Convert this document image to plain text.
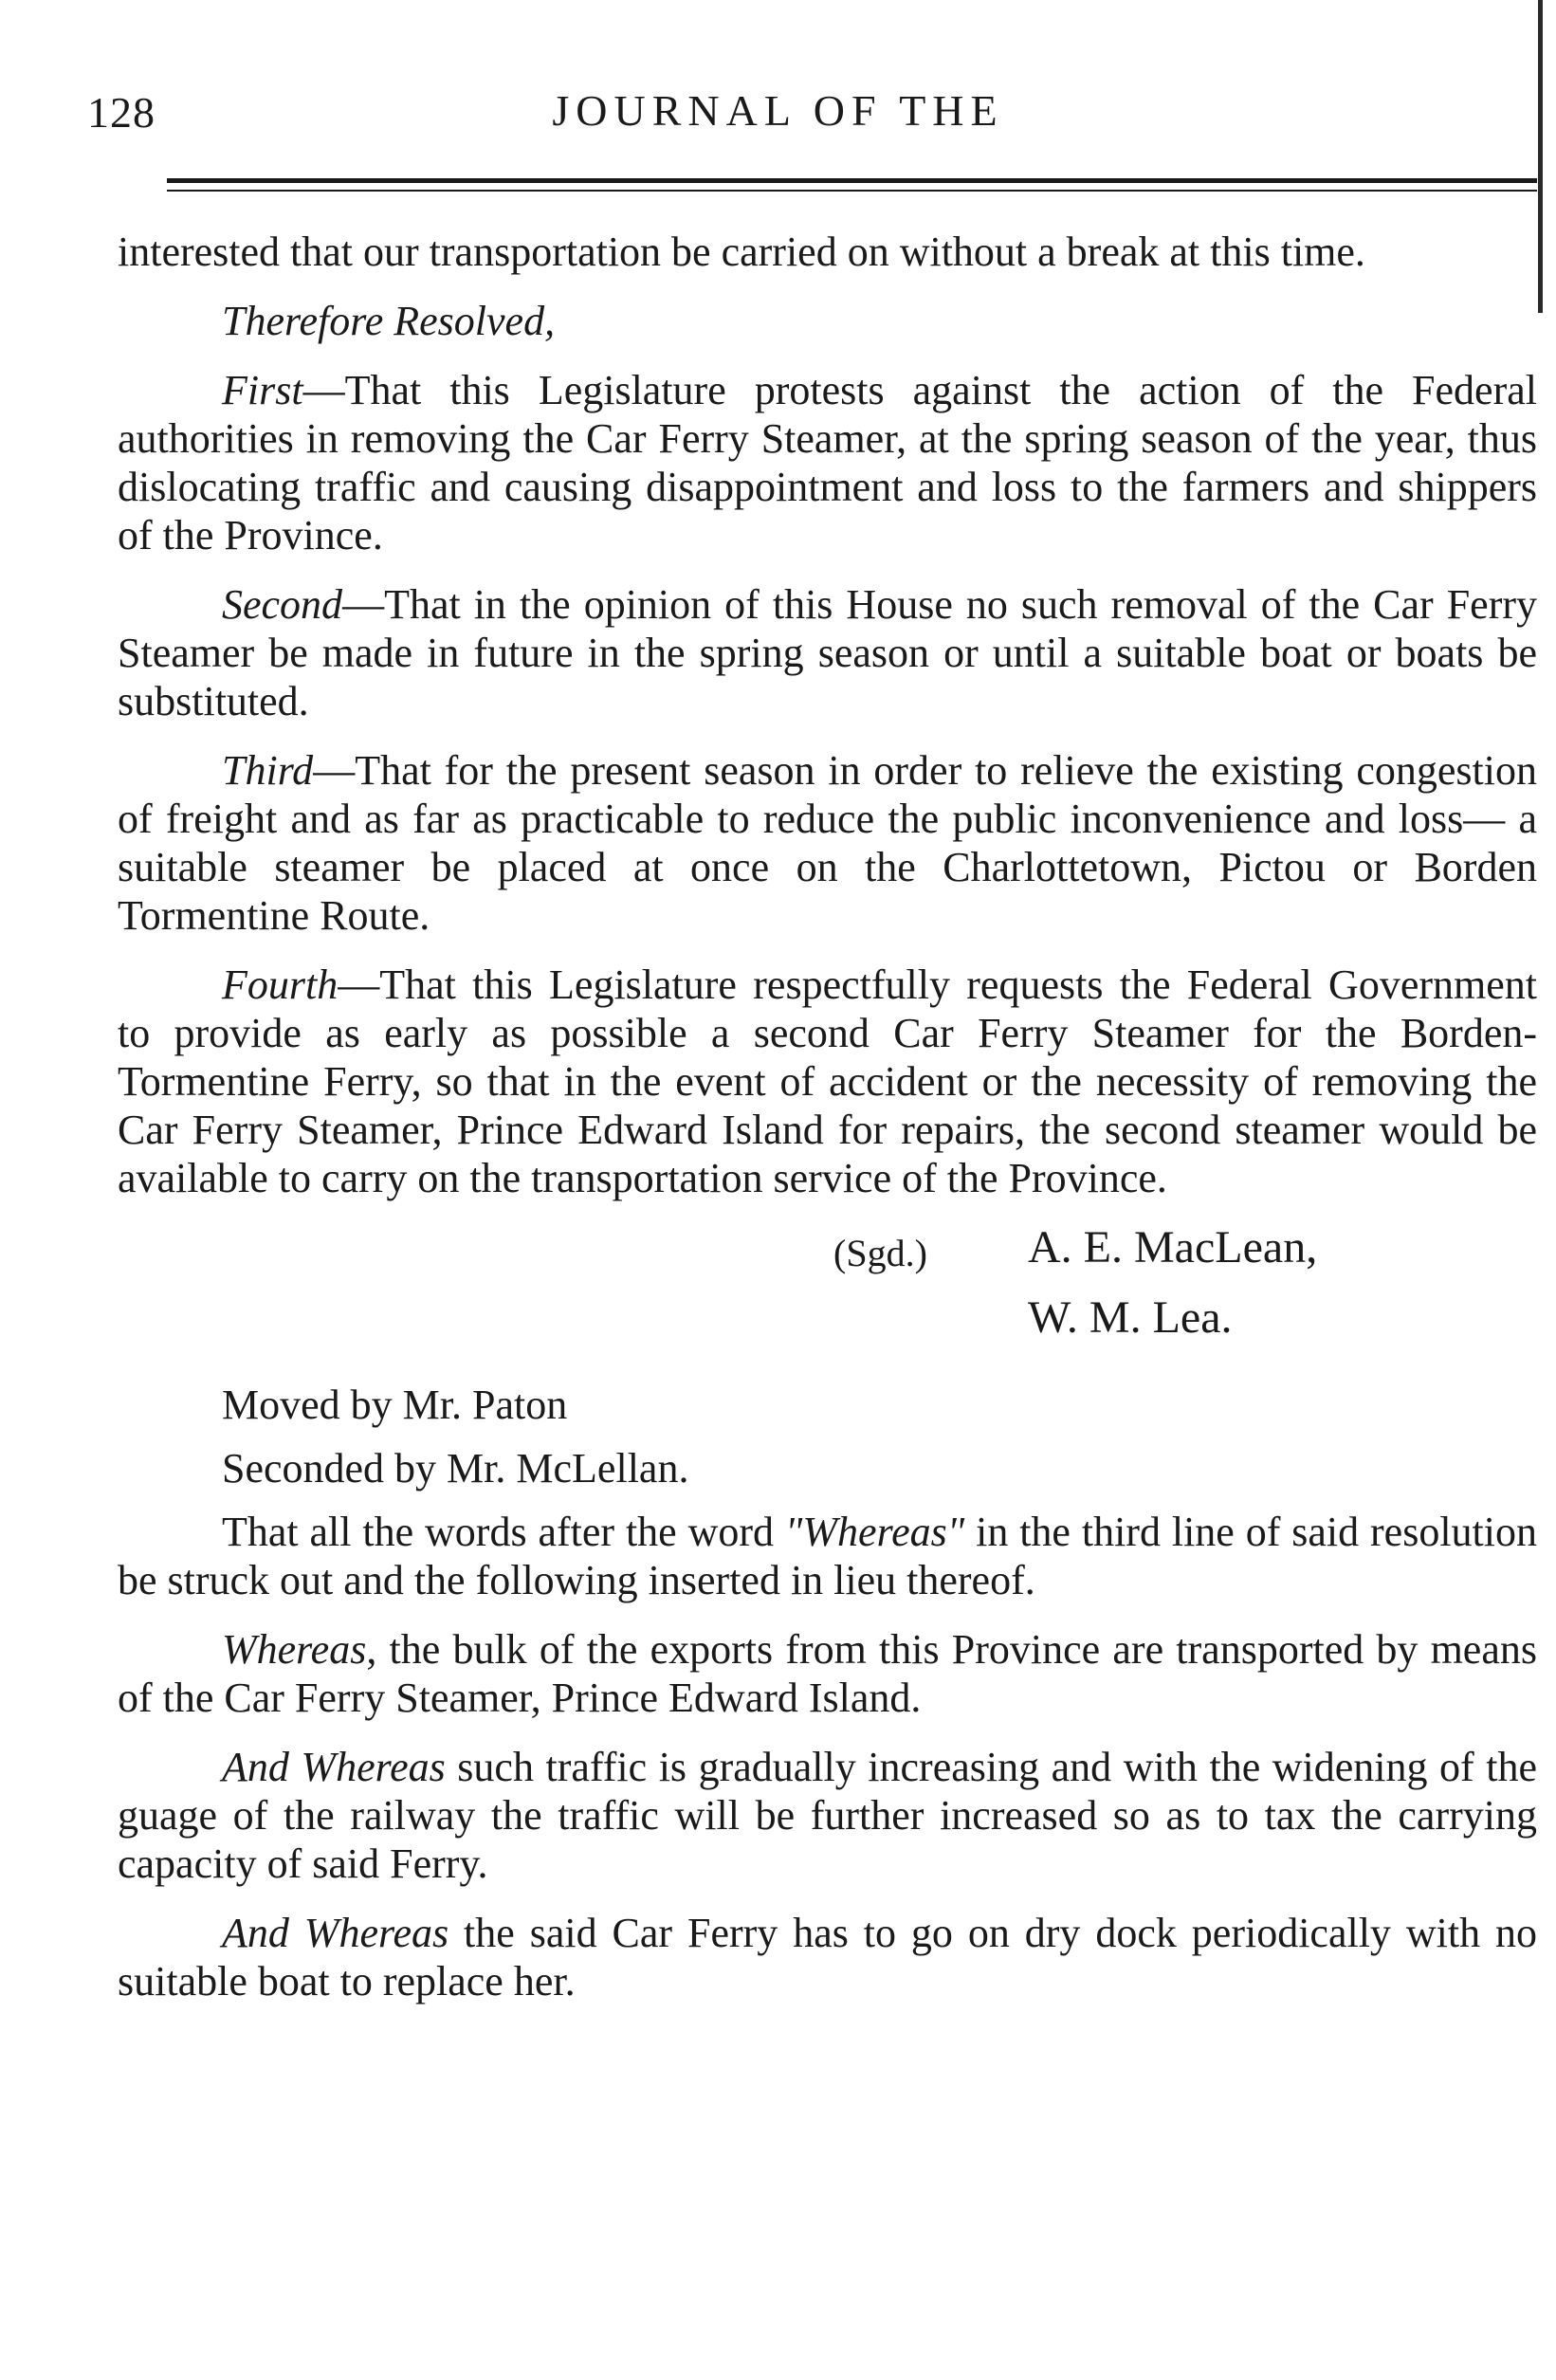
128	JOURNAL OF THE

interested that our transportation be carried on without a break at this time.

Therefore Resolved,

First—That this Legislature protests against the action of the Federal authorities in removing the Car Ferry Steamer, at the spring season of the year, thus dislocating traffic and causing disappointment and loss to the farmers and shippers of the Province.

Second—That in the opinion of this House no such removal of the Car Ferry Steamer be made in future in the spring season or until a suitable boat or boats be substituted.

Third—That for the present season in order to relieve the existing congestion of freight and as far as practicable to reduce the public inconvenience and loss— a suitable steamer be placed at once on the Charlottetown, Pictou or Borden Tormentine Route.

Fourth—That this Legislature respectfully requests the Federal Government to provide as early as possible a second Car Ferry Steamer for the Borden-Tormentine Ferry, so that in the event of accident or the necessity of removing the Car Ferry Steamer, Prince Edward Island for repairs, the second steamer would be available to carry on the transportation service of the Province.

(Sgd.) A. E. MacLean,
W. M. Lea.

Moved by Mr. Paton

Seconded by Mr. McLellan.

That all the words after the word "Whereas" in the third line of said resolution be struck out and the following inserted in lieu thereof.

Whereas, the bulk of the exports from this Province are transported by means of the Car Ferry Steamer, Prince Edward Island.

And Whereas such traffic is gradually increasing and with the widening of the guage of the railway the traffic will be further increased so as to tax the carrying capacity of said Ferry.

And Whereas the said Car Ferry has to go on dry dock periodically with no suitable boat to replace her.
